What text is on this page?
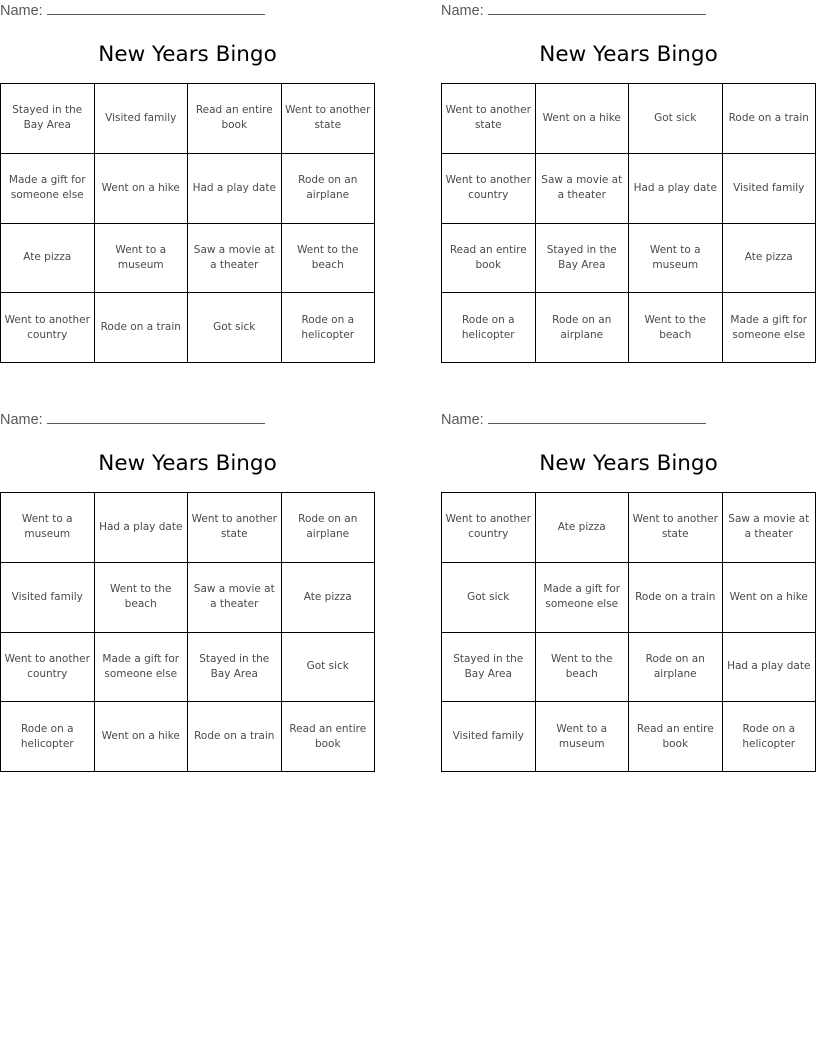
Name:
New Years Bingo
Stayed in the Bay Area	Visited family	Read an entire book	Went to another state
Made a gift for someone else	Went on a hike	Had a play date	Rode on an airplane
Ate pizza	Went to a museum	Saw a movie at a theater	Went to the beach
Went to another country	Rode on a train	Got sick	Rode on a helicopter
Name:
New Years Bingo
Went to another state	Went on a hike	Got sick	Rode on a train
Went to another country	Saw a movie at a theater	Had a play date	Visited family
Read an entire book	Stayed in the Bay Area	Went to a museum	Ate pizza
Rode on a helicopter	Rode on an airplane	Went to the beach	Made a gift for someone else
Name:
New Years Bingo
Went to a museum	Had a play date	Went to another state	Rode on an airplane
Visited family	Went to the beach	Saw a movie at a theater	Ate pizza
Went to another country	Made a gift for someone else	Stayed in the Bay Area	Got sick
Rode on a helicopter	Went on a hike	Rode on a train	Read an entire book
Name:
New Years Bingo
Went to another country	Ate pizza	Went to another state	Saw a movie at a theater
Got sick	Made a gift for someone else	Rode on a train	Went on a hike
Stayed in the Bay Area	Went to the beach	Rode on an airplane	Had a play date
Visited family	Went to a museum	Read an entire book	Rode on a helicopter
